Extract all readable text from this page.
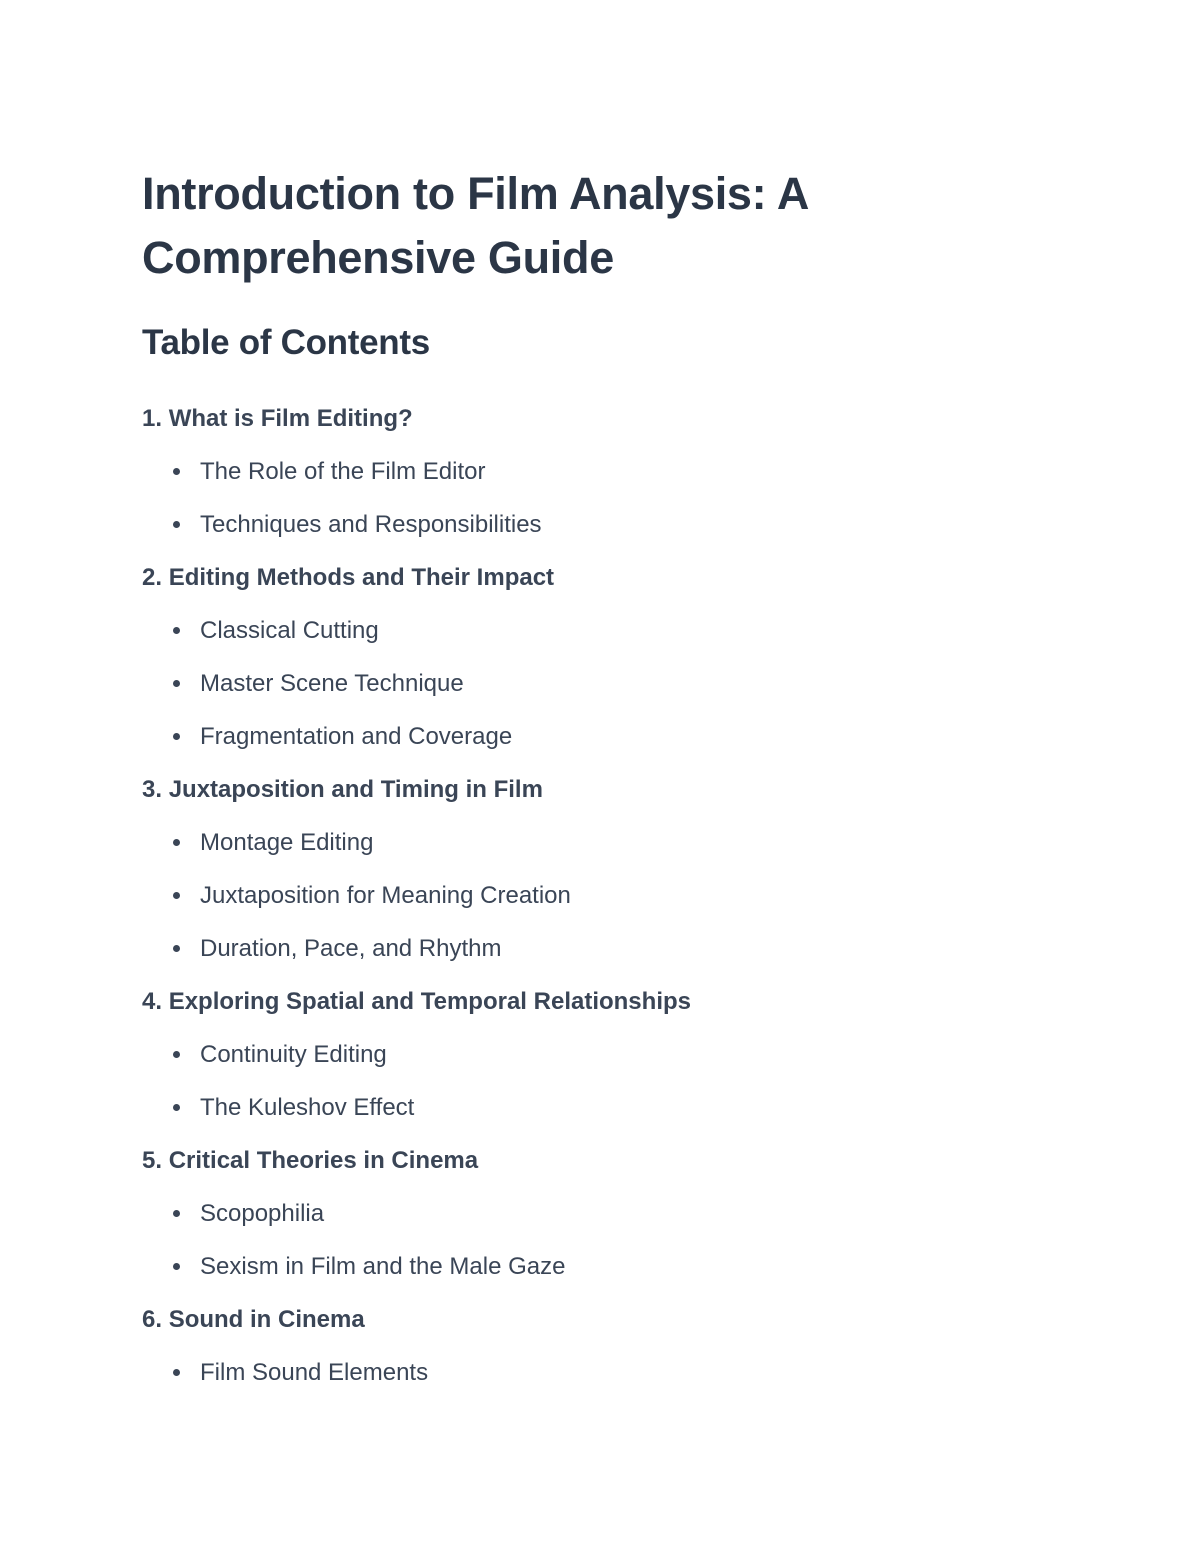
Introduction to Film Analysis: A Comprehensive Guide
Table of Contents
1. What is Film Editing?
The Role of the Film Editor
Techniques and Responsibilities
2. Editing Methods and Their Impact
Classical Cutting
Master Scene Technique
Fragmentation and Coverage
3. Juxtaposition and Timing in Film
Montage Editing
Juxtaposition for Meaning Creation
Duration, Pace, and Rhythm
4. Exploring Spatial and Temporal Relationships
Continuity Editing
The Kuleshov Effect
5. Critical Theories in Cinema
Scopophilia
Sexism in Film and the Male Gaze
6. Sound in Cinema
Film Sound Elements
